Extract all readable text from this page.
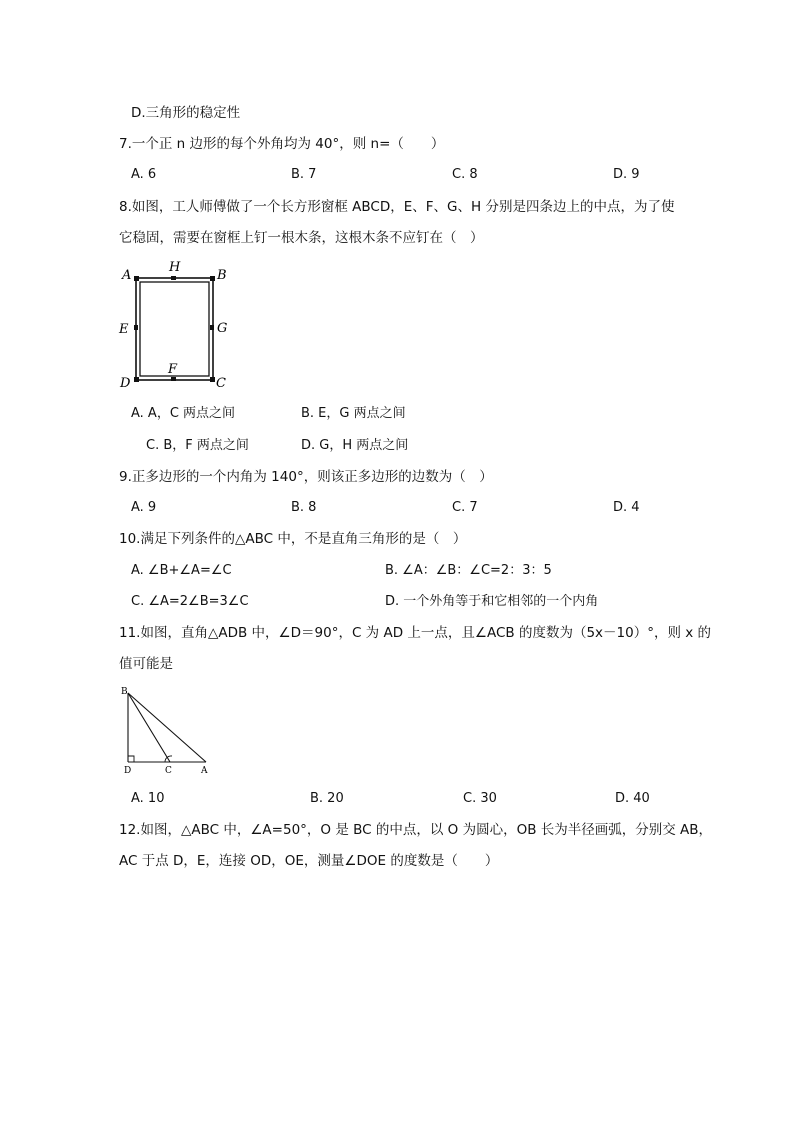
D.三角形的稳定性
7.一个正 n 边形的每个外角均为 40°，则 n=（　　）
A. 6	B. 7	C. 8	D. 9
8.如图，工人师傅做了一个长方形窗框 ABCD，E、F、G、H 分别是四条边上的中点，为了使
它稳固，需要在窗框上钉一根木条，这根木条不应钉在（　）
A
H
B
E	G
F
D	C
A. A，C 两点之间	B. E，G 两点之间
C. B，F 两点之间	D. G，H 两点之间
9.正多边形的一个内角为 140°，则该正多边形的边数为（　）
A. 9	B. 8	C. 7	D. 4
10.满足下列条件的△ABC 中，不是直角三角形的是（　）
A. ∠B+∠A=∠C	B. ∠A：∠B：∠C=2：3：5
C. ∠A=2∠B=3∠C	D. 一个外角等于和它相邻的一个内角
11.如图，直角△ADB 中，∠D＝90°，C 为 AD 上一点，且∠ACB 的度数为（5x－10）°，则 x 的
值可能是
B
D	C	A
A. 10	B. 20	C. 30	D. 40
12.如图，△ABC 中，∠A=50°，O 是 BC 的中点，以 O 为圆心，OB 长为半径画弧，分别交 AB，
AC 于点 D，E，连接 OD，OE，测量∠DOE 的度数是（　　）
